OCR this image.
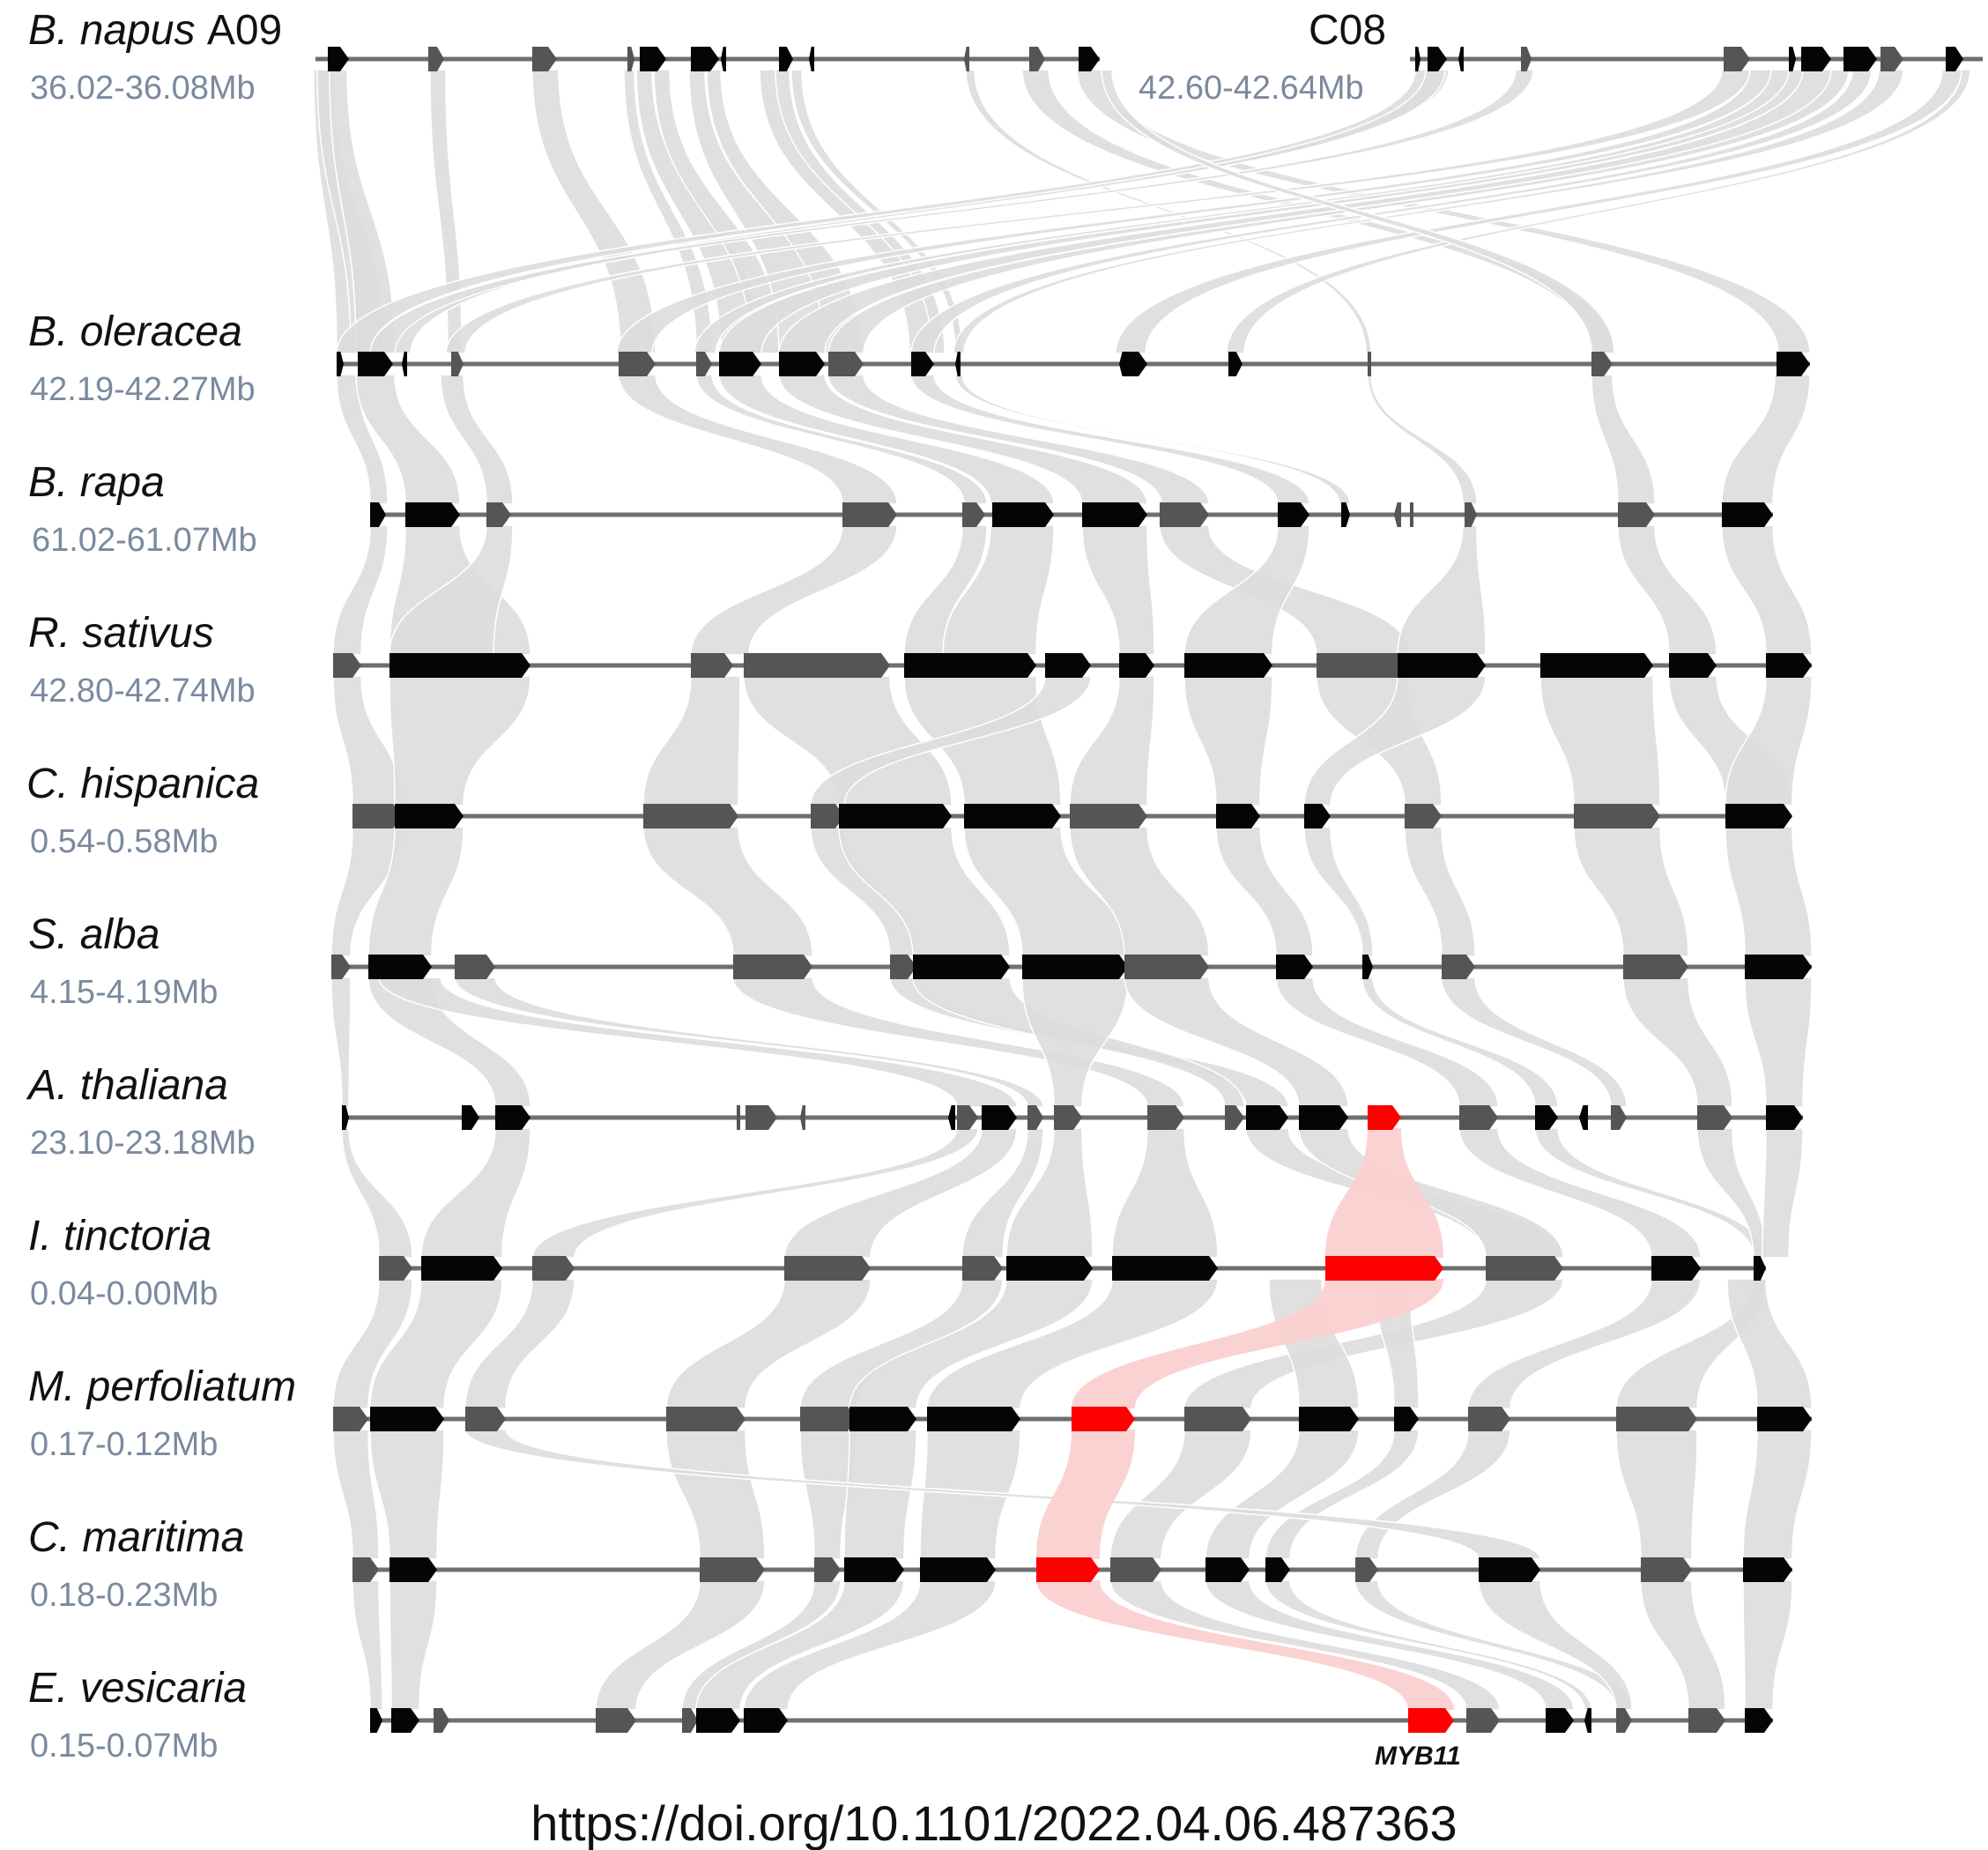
B. napus A09
36.02-36.08Mb
B. oleracea
42.19-42.27Mb
B. rapa
61.02-61.07Mb
R. sativus
42.80-42.74Mb
C. hispanica
0.54-0.58Mb
S. alba
4.15-4.19Mb
A. thaliana
23.10-23.18Mb
I. tinctoria
0.04-0.00Mb
M. perfoliatum
0.17-0.12Mb
C. maritima
0.18-0.23Mb
E. vesicaria
0.15-0.07Mb
C08
42.60-42.64Mb
MYB11
https://doi.org/10.1101/2022.04.06.487363
